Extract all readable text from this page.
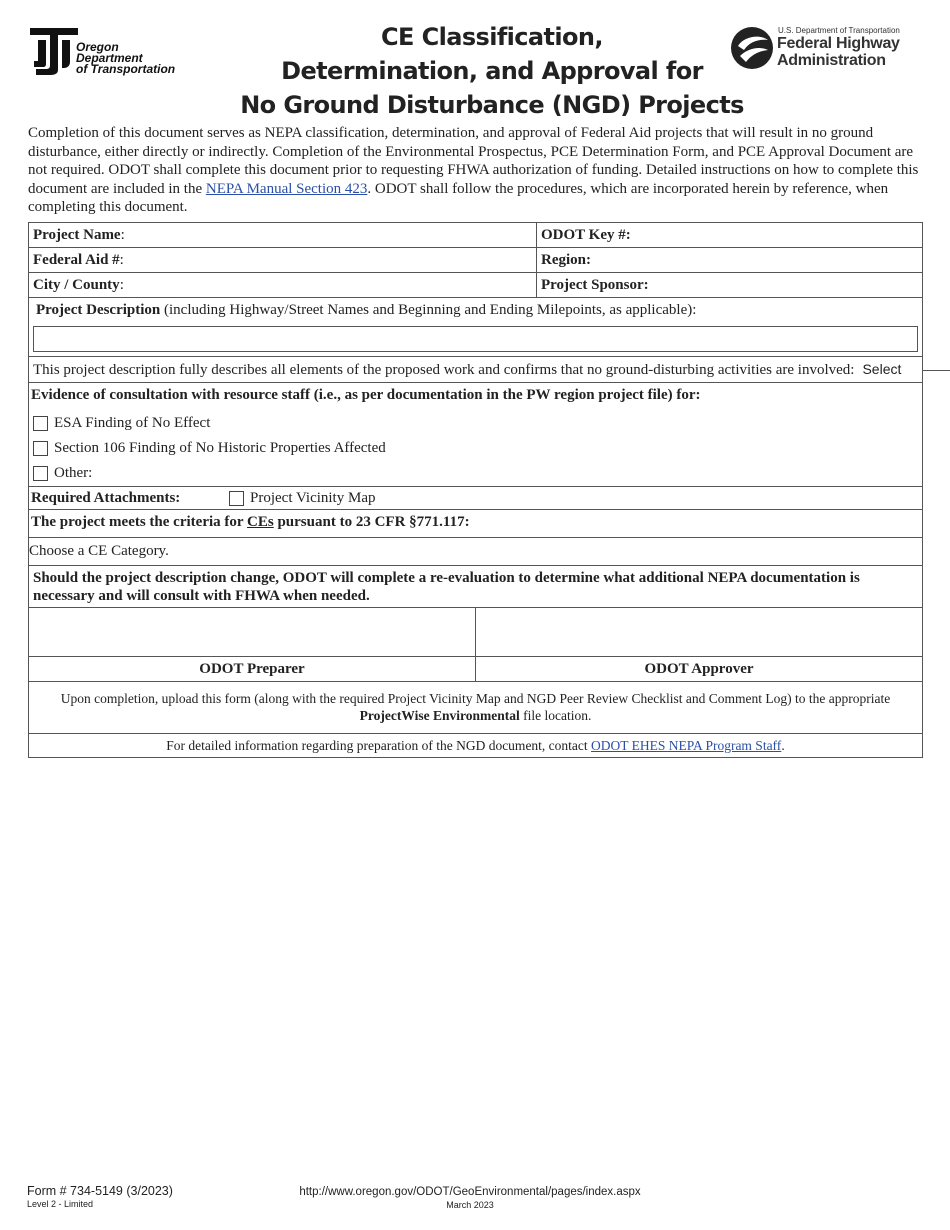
Oregon
Department
of Transportation
CE Classification,
Determination, and Approval for
No Ground Disturbance (NGD) Projects
U.S. Department of Transportation
Federal Highway
Administration
Completion of this document serves as NEPA classification, determination, and approval of Federal Aid projects that will result in no ground disturbance, either directly or indirectly. Completion of the Environmental Prospectus, PCE Determination Form, and PCE Approval Document are not required. ODOT shall complete this document prior to requesting FHWA authorization of funding. Detailed instructions on how to complete this document are included in the NEPA Manual Section 423. ODOT shall follow the procedures, which are incorporated herein by reference, when completing this document.
Project Name:	ODOT Key #:
Federal Aid #:	Region:
City / County:	Project Sponsor:
Project Description (including Highway/Street Names and Beginning and Ending Milepoints, as applicable):
This project description fully describes all elements of the proposed work and confirms that no ground-disturbing activities are involved: Select
Evidence of consultation with resource staff (i.e., as per documentation in the PW region project file) for:
ESA Finding of No Effect
Section 106 Finding of No Historic Properties Affected
Other:
Required Attachments:	Project Vicinity Map
The project meets the criteria for CEs pursuant to 23 CFR §771.117:
Choose a CE Category.
Should the project description change, ODOT will complete a re-evaluation to determine what additional NEPA documentation is necessary and will consult with FHWA when needed.
ODOT Preparer	ODOT Approver
Upon completion, upload this form (along with the required Project Vicinity Map and NGD Peer Review Checklist and Comment Log) to the appropriate ProjectWise Environmental file location.
For detailed information regarding preparation of the NGD document, contact ODOT EHES NEPA Program Staff.
Form # 734-5149 (3/2023)
Level 2 - Limited
http://www.oregon.gov/ODOT/GeoEnvironmental/pages/index.aspx
March 2023
